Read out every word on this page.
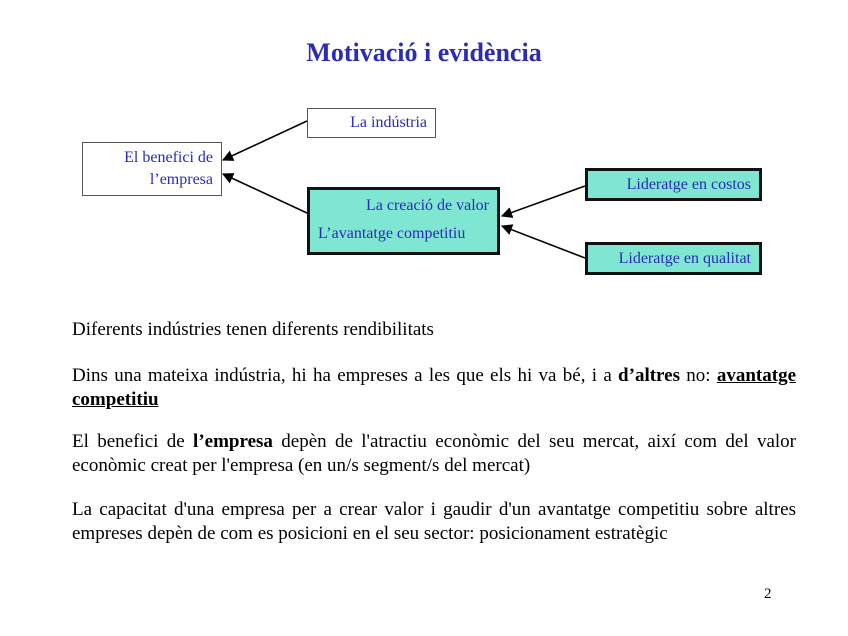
Motivació i evidència
La indústria
El benefici de
l’empresa
La creació de valor
L’avantatge competitiu
Lideratge en costos
Lideratge en qualitat
Diferents indústries tenen diferents rendibilitats
Dins una mateixa indústria, hi ha empreses a les que els hi va bé, i a d’altres no: avantatge competitiu
El benefici de l’empresa depèn de l'atractiu econòmic del seu mercat, així com del valor econòmic creat per l'empresa (en un/s segment/s del mercat)
La capacitat d'una empresa per a crear valor i gaudir d'un avantatge competitiu sobre altres empreses depèn de com es posicioni en el seu sector: posicionament estratègic
2
